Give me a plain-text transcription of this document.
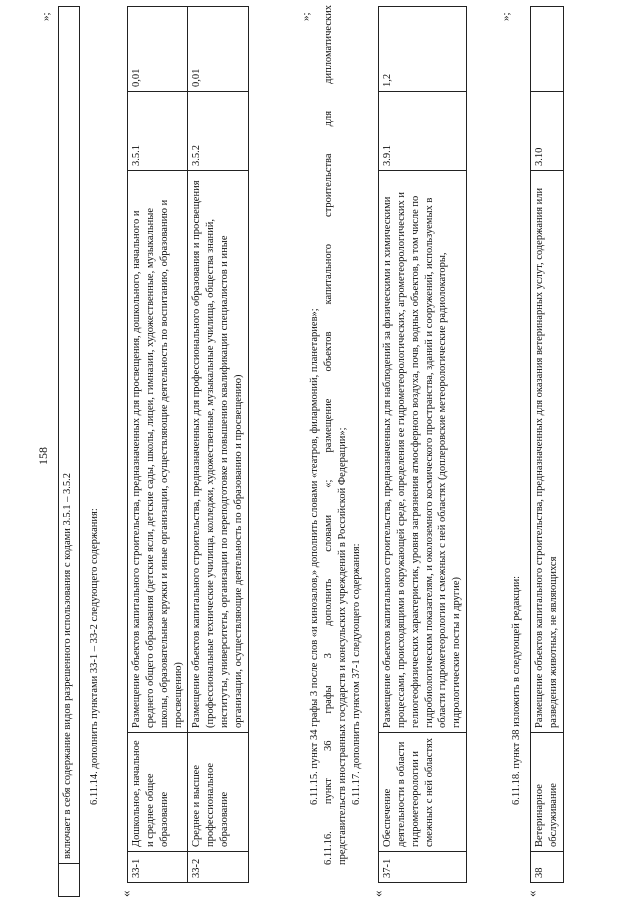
158
	включает в себя содержание видов разрешенного использования с кодами 3.5.1 – 3.5.2
»;
6.11.14. дополнить пунктами 33-1 – 33-2 следующего содержания:
«
33-1	Дошкольное, начальное и среднее общее образование	Размещение объектов капитального строительства, предназначенных для просвещения, дошкольного, начального и среднего общего образования (детские ясли, детские сады, школы, лицеи, гимназии, художественные, музыкальные школы, образовательные кружки и иные организации, осуществляющие деятельность по воспитанию, образованию и просвещению)	3.5.1	0,01
33-2	Среднее и высшее профессиональное образование	Размещение объектов капитального строительства, предназначенных для профессионального образования и просвещения (профессиональные технические училища, колледжи, художественные, музыкальные училища, общества знаний, институты, университеты, организации по переподготовке и повышению квалификации специалистов и иные организации, осуществляющие деятельность по образованию и просвещению)	3.5.2	0,01
»;
6.11.15. пункт 34 графы 3 после слов «и кинозалов,» дополнить словами «театров, филармоний, планетариев»; 6.11.16. пункт 36 графы 3 дополнить словами «; размещение объектов капитального строительства для дипломатических представительств иностранных государств и консульских учреждений в Российской Федерации»; 6.11.17. дополнить пунктом 37-1 следующего содержания:
«
37-1	Обеспечение деятельности в области гидрометеорологии и смежных с ней областях	Размещение объектов капитального строительства, предназначенных для наблюдений за физическими и химическими процессами, происходящими в окружающей среде, определения ее гидрометеорологических, агрометеорологических и гелиогеофизических характеристик, уровня загрязнения атмосферного воздуха, почв, водных объектов, в том числе по гидробиологическим показателям, и околоземного космического пространства, зданий и сооружений, используемых в области гидрометеорологии и смежных с ней областях (доплеровские метеорологические радиолокаторы, гидрологические посты и другие)	3.9.1	1,2
»;
6.11.18. пункт 38 изложить в следующей редакции:
«
38	Ветеринарное обслуживание	Размещение объектов капитального строительства, предназначенных для оказания ветеринарных услут, содержания или разведения животных, не являющихся	3.10	
